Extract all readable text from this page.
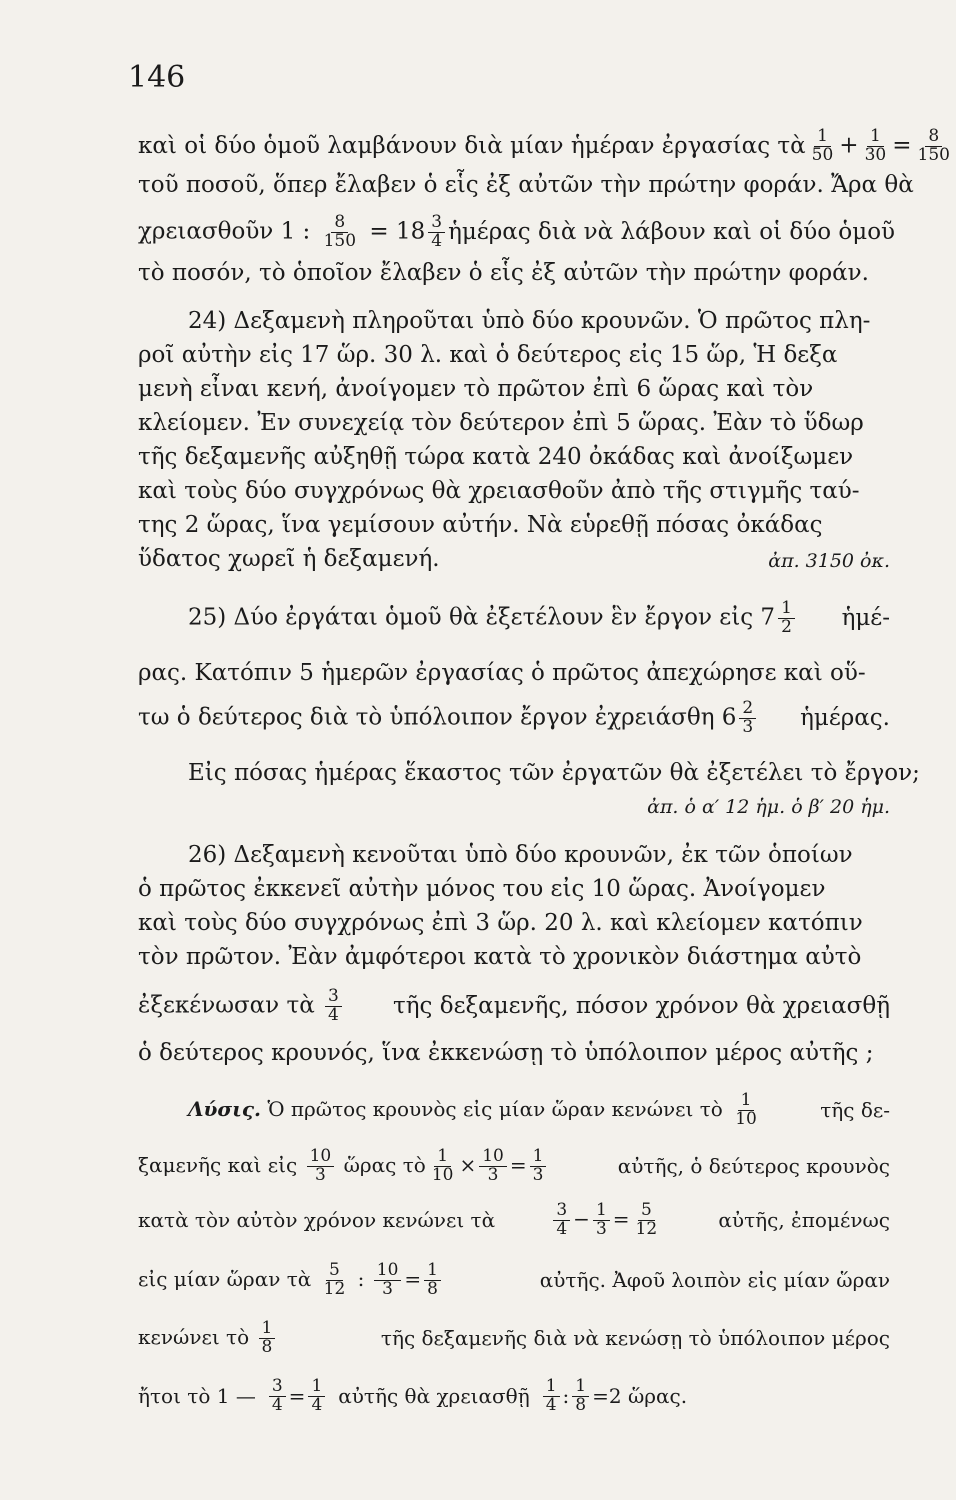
146
καὶ οἱ δύο ὁμοῦ λαμβάνουν διὰ μίαν ἡμέραν ἐργασίας τὰ $\frac{1}{50} + \frac{1}{30} = \frac{8}{150}$
τοῦ ποσοῦ, ὅπερ ἔλαβεν ὁ εἷς ἐξ αὐτῶν τὴν πρώτην φοράν. Ἄρα θὰ
χρειασθοῦν 1 : $\frac{8}{150} = 18 \frac{3}{4}$ ἡμέρας διὰ νὰ λάβουν καὶ οἱ δύο ὁμοῦ
τὸ ποσόν, τὸ ὁποῖον ἔλαβεν ὁ εἷς ἐξ αὐτῶν τὴν πρώτην φοράν.
24) Δεξαμενὴ πληροῦται ὑπὸ δύο κρουνῶν. Ὁ πρῶτος πλη-
ροῖ αὐτὴν εἰς 17 ὥρ. 30 λ. καὶ ὁ δεύτερος εἰς 15 ὥρ, Ἡ δεξα
μενὴ εἶναι κενή, ἀνοίγομεν τὸ πρῶτον ἐπὶ 6 ὥρας καὶ τὸν
κλείομεν. Ἐν συνεχείᾳ τὸν δεύτερον ἐπὶ 5 ὥρας. Ἐὰν τὸ ὕδωρ
τῆς δεξαμενῆς αὐξηθῇ τώρα κατὰ 240 ὀκάδας καὶ ἀνοίξωμεν
καὶ τοὺς δύο συγχρόνως θὰ χρειασθοῦν ἀπὸ τῆς στιγμῆς ταύ-
της 2 ὥρας, ἵνα γεμίσουν αὐτήν. Νὰ εὑρεθῇ πόσας ὀκάδας
ὕδατος χωρεῖ ἡ δεξαμενή.	ἀπ. 3150 ὀκ.
25) Δύο ἐργάται ὁμοῦ θὰ ἐξετέλουν ἓν ἔργον εἰς $7 \frac{1}{2}$ ἡμέ-
ρας. Κατόπιν 5 ἡμερῶν ἐργασίας ὁ πρῶτος ἀπεχώρησε καὶ οὕ-
τω ὁ δεύτερος διὰ τὸ ὑπόλοιπον ἔργον ἐχρειάσθη $6 \frac{2}{3}$ ἡμέρας.
Εἰς πόσας ἡμέρας ἕκαστος τῶν ἐργατῶν θὰ ἐξετέλει τὸ ἔργον;
ἀπ. ὁ α′ 12 ἡμ. ὁ β′ 20 ἡμ.
26) Δεξαμενὴ κενοῦται ὑπὸ δύο κρουνῶν, ἐκ τῶν ὁποίων
ὁ πρῶτος ἐκκενεῖ αὐτὴν μόνος του εἰς 10 ὥρας. Ἀνοίγομεν
καὶ τοὺς δύο συγχρόνως ἐπὶ 3 ὥρ. 20 λ. καὶ κλείομεν κατόπιν
τὸν πρῶτον. Ἐὰν ἀμφότεροι κατὰ τὸ χρονικὸν διάστημα αὐτὸ
ἐξεκένωσαν τὰ $\frac{3}{4}$ τῆς δεξαμενῆς, πόσον χρόνον θὰ χρειασθῇ
ὁ δεύτερος κρουνός, ἵνα ἐκκενώσῃ τὸ ὑπόλοιπον μέρος αὐτῆς ;
Λύσις. Ὁ πρῶτος κρουνὸς εἰς μίαν ὥραν κενώνει τὸ $\frac{1}{10}$	τῆς δε-
ξαμενῆς καὶ εἰς $\frac{10}{3}$ ὥρας τὸ $\frac{1}{10} \times \frac{10}{3} = \frac{1}{3}$	αὐτῆς, ὁ δεύτερος κρουνὸς
κατὰ τὸν αὐτὸν χρόνον κενώνει τὰ	$\frac{3}{4} - \frac{1}{3} = \frac{5}{12}$	αὐτῆς, ἐπομένως
εἰς μίαν ὥραν τὰ $\frac{5}{12}$ : $\frac{10}{3} = \frac{1}{8}$	αὐτῆς. Ἀφοῦ λοιπὸν εἰς μίαν ὥραν
κενώνει τὸ $\frac{1}{8}$	τῆς δεξαμενῆς διὰ νὰ κενώσῃ τὸ ὑπόλοιπον μέρος
ἤτοι τὸ 1 — $\frac{3}{4} = \frac{1}{4}$ αὐτῆς θὰ χρειασθῇ $\frac{1}{4}$ : $\frac{1}{8} =2$ ὥρας.
